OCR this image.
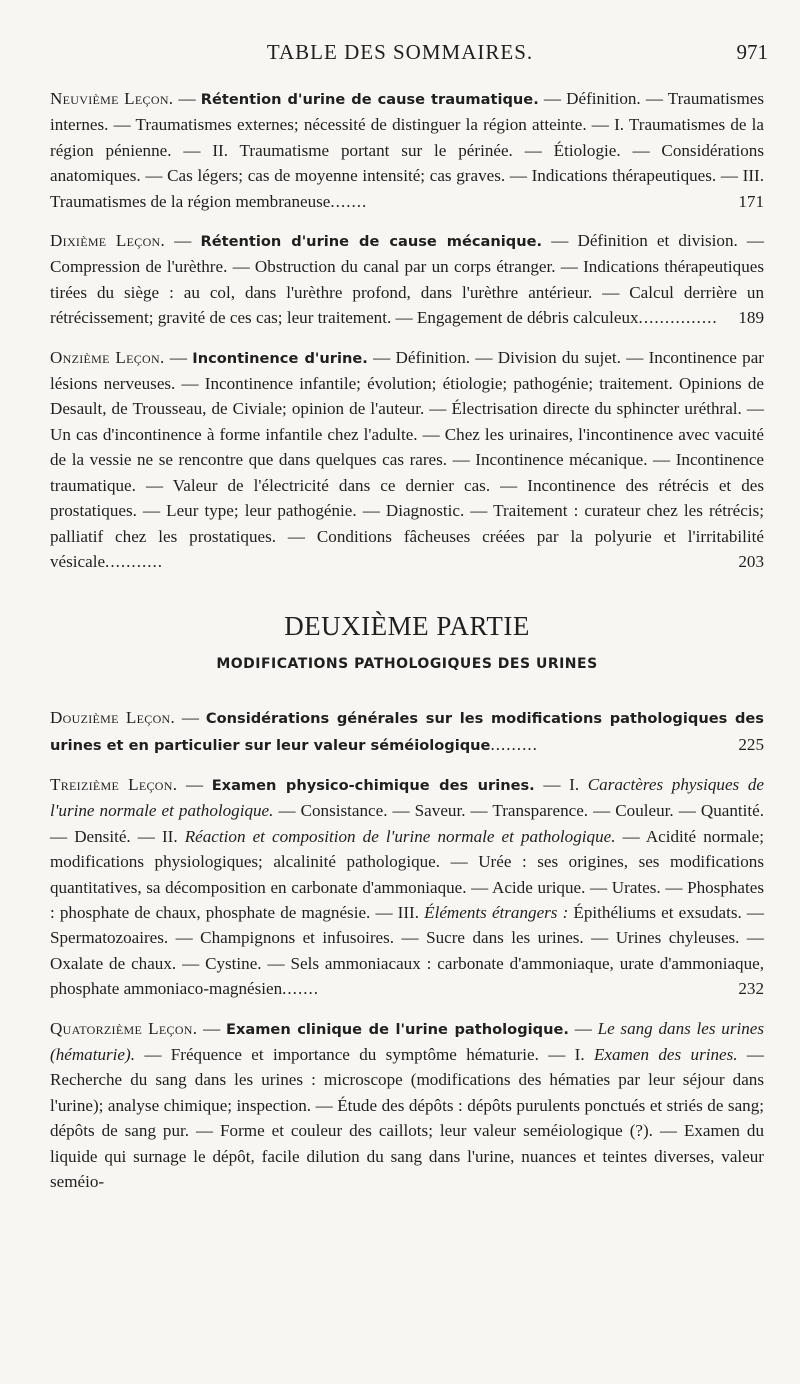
TABLE DES SOMMAIRES.	971

Neuvième Leçon. — Rétention d'urine de cause traumatique. — Définition. — Traumatismes internes. — Traumatismes externes; nécessité de distinguer la région atteinte. — I. Traumatismes de la région pénienne. — II. Traumatisme portant sur le périnée. — Étiologie. — Considérations anatomiques. — Cas légers; cas de moyenne intensité; cas graves. — Indications thérapeutiques. — III. Traumatismes de la région membraneuse.......	171

Dixième Leçon. — Rétention d'urine de cause mécanique. — Définition et division. — Compression de l'urèthre. — Obstruction du canal par un corps étranger. — Indications thérapeutiques tirées du siège : au col, dans l'urèthre profond, dans l'urèthre antérieur. — Calcul derrière un rétrécissement; gravité de ces cas; leur traitement. — Engagement de débris calculeux............... 189

Onzième Leçon. — Incontinence d'urine. — Définition. — Division du sujet. — Incontinence par lésions nerveuses. — Incontinence infantile; évolution; étiologie; pathogénie; traitement. Opinions de Desault, de Trousseau, de Civiale; opinion de l'auteur. — Électrisation directe du sphincter uréthral. — Un cas d'incontinence à forme infantile chez l'adulte. — Chez les urinaires, l'incontinence avec vacuité de la vessie ne se rencontre que dans quelques cas rares. — Incontinence mécanique. — Incontinence traumatique. — Valeur de l'électricité dans ce dernier cas. — Incontinence des rétrécis et des prostatiques. — Leur type; leur pathogénie. — Diagnostic. — Traitement : curateur chez les rétrécis; palliatif chez les prostatiques. — Conditions fâcheuses créées par la polyurie et l'irritabilité vésicale...........	203

DEUXIÈME PARTIE
MODIFICATIONS PATHOLOGIQUES DES URINES

Douzième Leçon. — Considérations générales sur les modifications pathologiques des urines et en particulier sur leur valeur séméiologique.........	225

Treizième Leçon. — Examen physico-chimique des urines. — I. Caractères physiques de l'urine normale et pathologique. — Consistance. — Saveur. — Transparence. — Couleur. — Quantité. — Densité. — II. Réaction et composition de l'urine normale et pathologique. — Acidité normale; modifications physiologiques; alcalinité pathologique. — Urée : ses origines, ses modifications quantitatives, sa décomposition en carbonate d'ammoniaque. — Acide urique. — Urates. — Phosphates : phosphate de chaux, phosphate de magnésie. — III. Éléments étrangers : Épithéliums et exsudats. — Spermatozoaires. — Champignons et infusoires. — Sucre dans les urines. — Urines chyleuses. — Oxalate de chaux. — Cystine. — Sels ammoniacaux : carbonate d'ammoniaque, urate d'ammoniaque, phosphate ammoniaco-magnésien.......	232

Quatorzième Leçon. — Examen clinique de l'urine pathologique. — Le sang dans les urines (hématurie). — Fréquence et importance du symptôme hématurie. — I. Examen des urines. — Recherche du sang dans les urines : microscope (modifications des hématies par leur séjour dans l'urine); analyse chimique; inspection. — Étude des dépôts : dépôts purulents ponctués et striés de sang; dépôts de sang pur. — Forme et couleur des caillots; leur valeur seméiologique (?). — Examen du liquide qui surnage le dépôt, facile dilution du sang dans l'urine, nuances et teintes diverses, valeur seméio-
